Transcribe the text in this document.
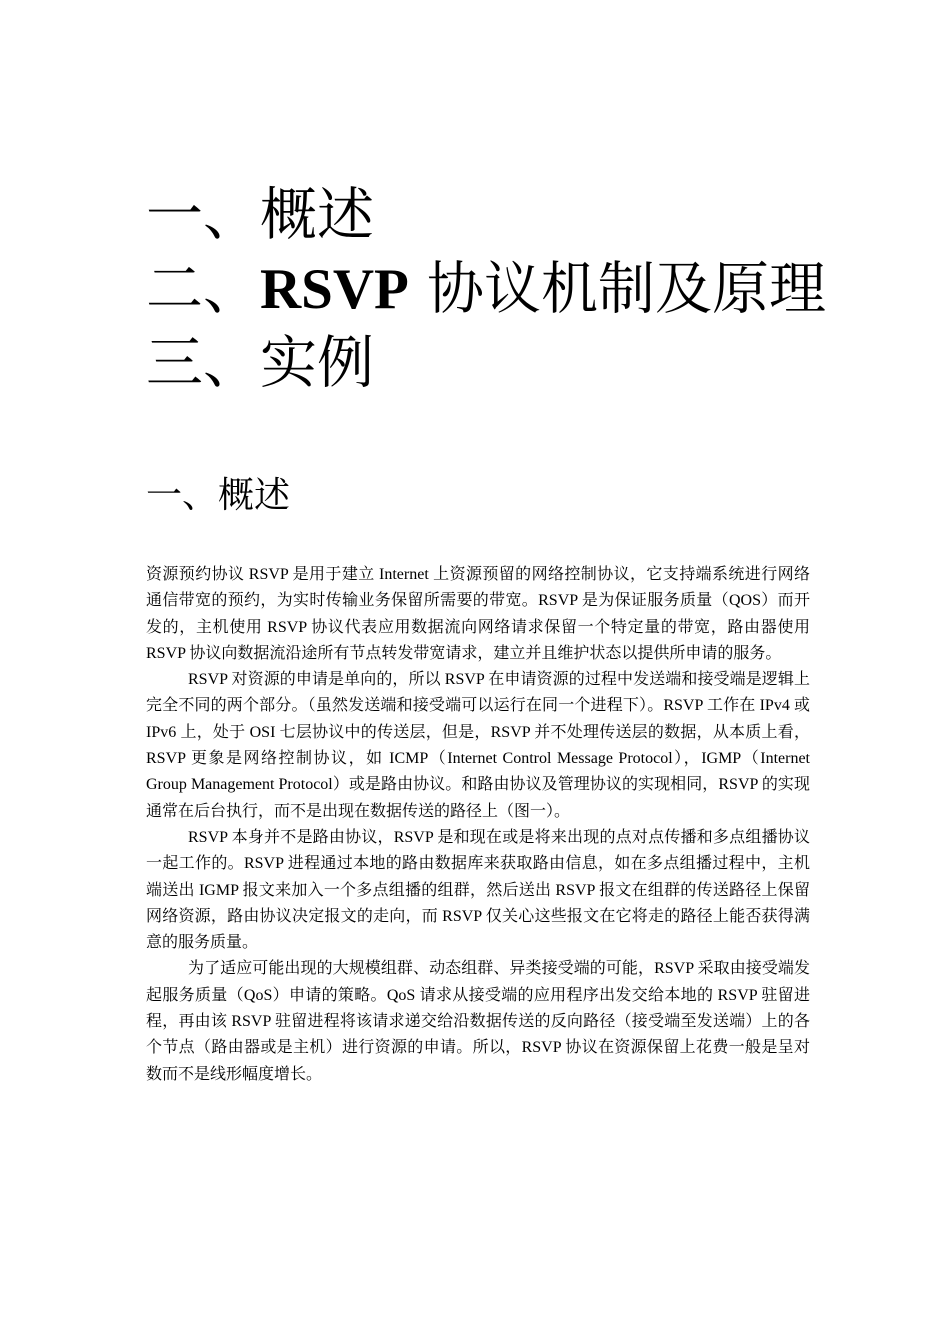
一、概述
二、RSVP 协议机制及原理
三、实例
一、概述

资源预约协议 RSVP 是用于建立 Internet 上资源预留的网络控制协议，它支持端系统进行网络通信带宽的预约，为实时传输业务保留所需要的带宽。RSVP 是为保证服务质量（QOS）而开发的，主机使用 RSVP 协议代表应用数据流向网络请求保留一个特定量的带宽，路由器使用 RSVP 协议向数据流沿途所有节点转发带宽请求，建立并且维护状态以提供所申请的服务。

RSVP 对资源的申请是单向的，所以 RSVP 在申请资源的过程中发送端和接受端是逻辑上完全不同的两个部分。（虽然发送端和接受端可以运行在同一个进程下）。RSVP 工作在 IPv4 或 IPv6 上，处于 OSI 七层协议中的传送层，但是，RSVP 并不处理传送层的数据，从本质上看，RSVP 更象是网络控制协议，如 ICMP（Internet Control Message Protocol），IGMP（Internet Group Management Protocol）或是路由协议。和路由协议及管理协议的实现相同，RSVP 的实现通常在后台执行，而不是出现在数据传送的路径上（图一）。

RSVP 本身并不是路由协议，RSVP 是和现在或是将来出现的点对点传播和多点组播协议一起工作的。RSVP 进程通过本地的路由数据库来获取路由信息，如在多点组播过程中，主机端送出 IGMP 报文来加入一个多点组播的组群，然后送出 RSVP 报文在组群的传送路径上保留网络资源，路由协议决定报文的走向，而 RSVP 仅关心这些报文在它将走的路径上能否获得满意的服务质量。

为了适应可能出现的大规模组群、动态组群、异类接受端的可能，RSVP 采取由接受端发起服务质量（QoS）申请的策略。QoS 请求从接受端的应用程序出发交给本地的 RSVP 驻留进程，再由该 RSVP 驻留进程将该请求递交给沿数据传送的反向路径（接受端至发送端）上的各个节点（路由器或是主机）进行资源的申请。所以，RSVP 协议在资源保留上花费一般是呈对数而不是线形幅度增长。
